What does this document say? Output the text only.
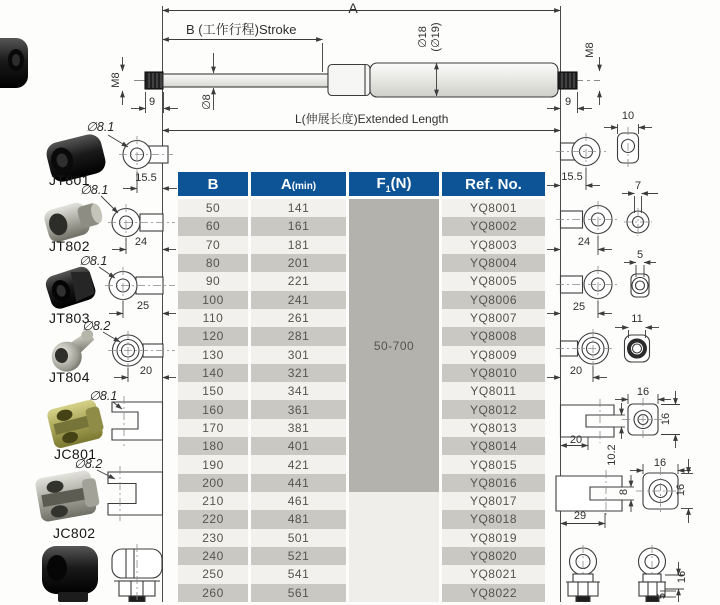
A
B (工作行程)Stroke
M8
∅8
∅18 (∅19)	M8
9	9
L(伸展长度)Extended Length
∅8.1
JT801	15.5
∅8.1
JT802	24
∅8.1
JT803
25
∅8.2
JT804	20
∅8.1
JC801
∅8.2
JC802
10
15.5
7
24
5
25
11
20
16
16
20
10.2	16
16
8
29
16
5
B	A(min)	$F_1(N)$	Ref. No.
50	141	50-700	YQ8001
60	161		YQ8002
70	181		YQ8003
80	201		YQ8004
90	221		YQ8005
100	241		YQ8006
110	261		YQ8007
120	281		YQ8008
130	301		YQ8009
140	321		YQ8010
150	341		YQ8011
160	361		YQ8012
170	381		YQ8013
180	401		YQ8014
190	421		YQ8015
200	441		YQ8016
210	461		YQ8017
220	481		YQ8018
230	501		YQ8019
240	521		YQ8020
250	541		YQ8021
260	561		YQ8022
